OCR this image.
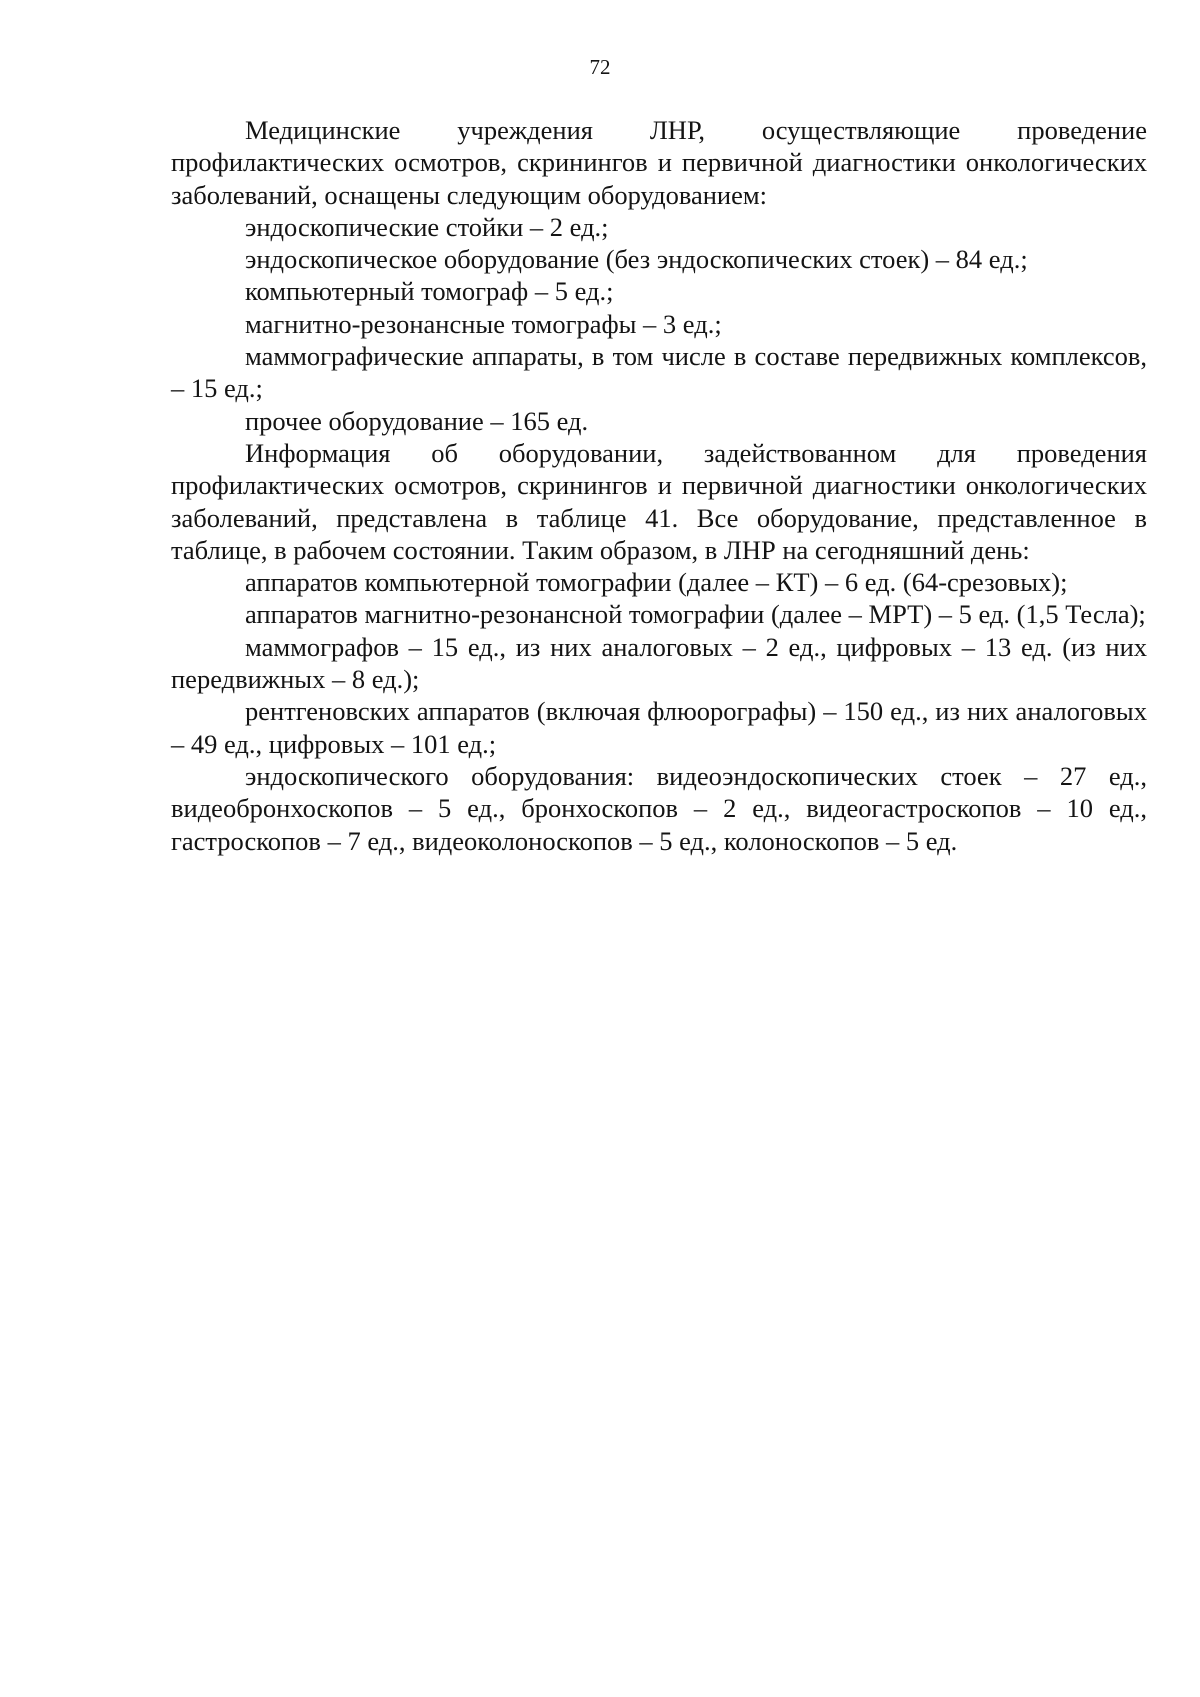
72

Медицинские учреждения ЛНР, осуществляющие проведение профилактических осмотров, скринингов и первичной диагностики онкологических заболеваний, оснащены следующим оборудованием:

эндоскопические стойки – 2 ед.;

эндоскопическое оборудование (без эндоскопических стоек) – 84 ед.;

компьютерный томограф – 5 ед.;

магнитно-резонансные томографы – 3 ед.;

маммографические аппараты, в том числе в составе передвижных комплексов, – 15 ед.;

прочее оборудование – 165 ед.

Информация об оборудовании, задействованном для проведения профилактических осмотров, скринингов и первичной диагностики онкологических заболеваний, представлена в таблице 41. Все оборудование, представленное в таблице, в рабочем состоянии. Таким образом, в ЛНР на сегодняшний день:

аппаратов компьютерной томографии (далее – КТ) – 6 ед. (64-срезовых);

аппаратов магнитно-резонансной томографии (далее – МРТ) – 5 ед. (1,5 Тесла);

маммографов – 15 ед., из них аналоговых – 2 ед., цифровых – 13 ед. (из них передвижных – 8 ед.);

рентгеновских аппаратов (включая флюорографы) – 150 ед., из них аналоговых – 49 ед., цифровых – 101 ед.;

эндоскопического оборудования: видеоэндоскопических стоек – 27 ед., видеобронхоскопов – 5 ед., бронхоскопов – 2 ед., видеогастроскопов – 10 ед., гастроскопов – 7 ед., видеоколоноскопов – 5 ед., колоноскопов – 5 ед.
